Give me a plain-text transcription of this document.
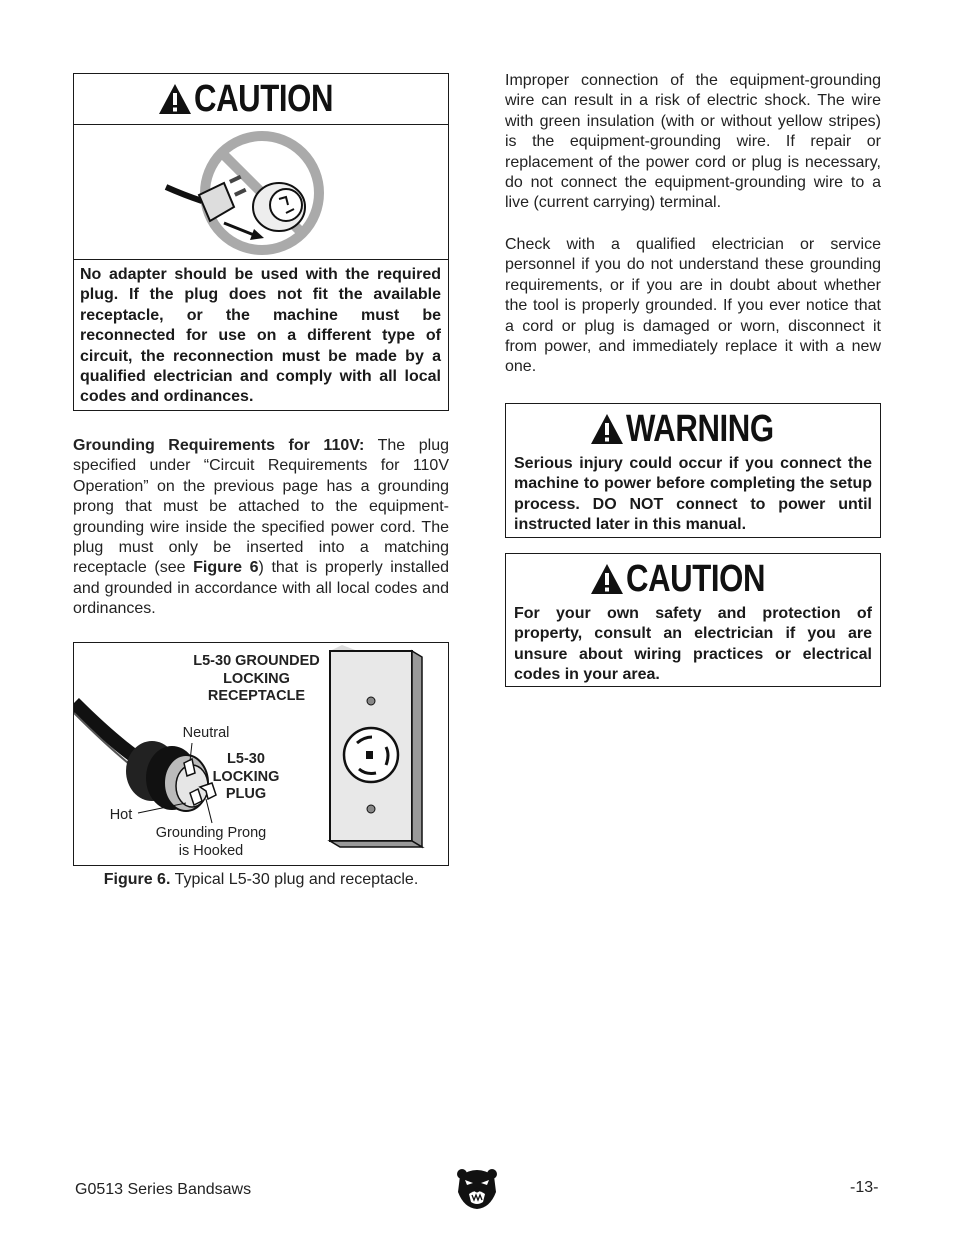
CAUTION
No adapter should be used with the required plug. If the plug does not fit the available receptacle, or the machine must be reconnected for use on a different type of circuit, the reconnection must be made by a qualified electrician and comply with all local codes and ordinances.
Grounding Requirements for 110V: The plug specified under “Circuit Requirements for 110V Operation” on the previous page has a grounding prong that must be attached to the equipment-grounding wire inside the specified power cord. The plug must only be inserted into a matching receptacle (see Figure 6) that is properly installed and grounded in accordance with all local codes and ordinances.
L5-30 GROUNDED
LOCKING
RECEPTACLE
Neutral
L5-30
LOCKING
PLUG
Hot
Grounding Prong
is Hooked
Figure 6. Typical L5-30 plug and receptacle.
Improper connection of the equipment-grounding wire can result in a risk of electric shock. The wire with green insulation (with or without yellow stripes) is the equipment-grounding wire. If repair or replacement of the power cord or plug is necessary, do not connect the equipment-grounding wire to a live (current carrying) terminal.
Check with a qualified electrician or service personnel if you do not understand these grounding requirements, or if you are in doubt about whether the tool is properly grounded. If you ever notice that a cord or plug is damaged or worn, disconnect it from power, and immediately replace it with a new one.
WARNING
Serious injury could occur if you connect the machine to power before completing the setup process. DO NOT connect to power until instructed later in this manual.
CAUTION
For your own safety and protection of property, consult an electrician if you are unsure about wiring practices or electrical codes in your area.
G0513 Series Bandsaws	-13-
